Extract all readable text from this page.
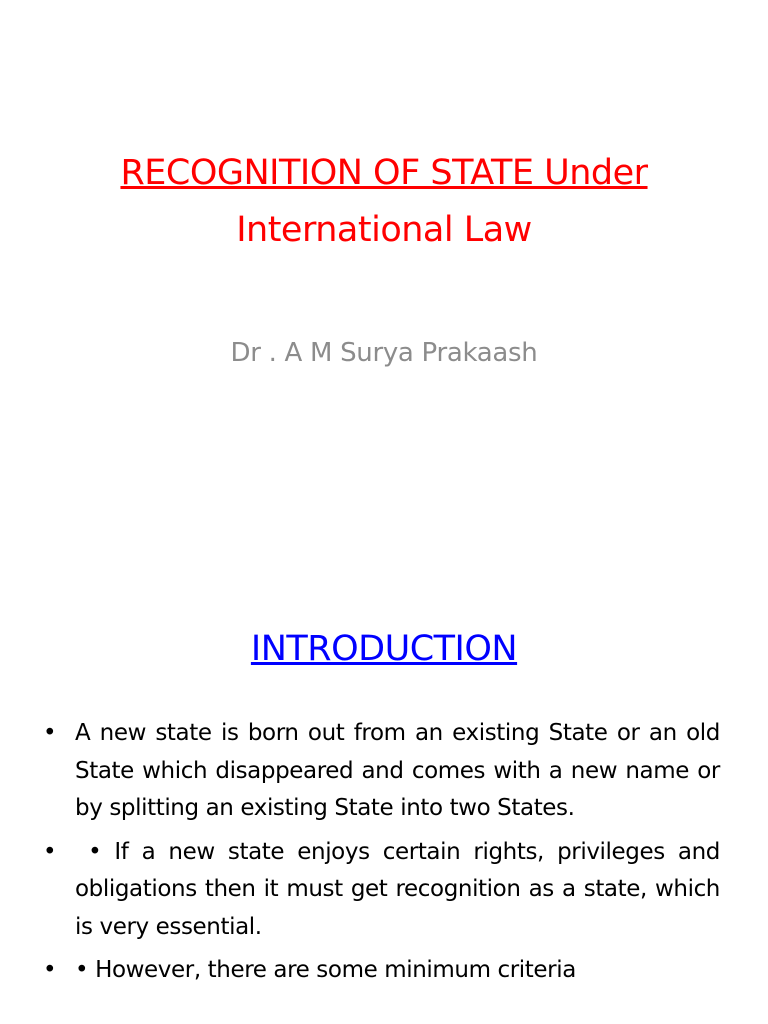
RECOGNITION OF STATE Under
International Law
Dr . A M Surya Prakaash
INTRODUCTION
• A new state is born out from an existing State or an old State which disappeared and comes with a new name or by splitting an existing State into two States.
• • If a new state enjoys certain rights, privileges and obligations then it must get recognition as a state, which is very essential.
• • However, there are some minimum criteria
